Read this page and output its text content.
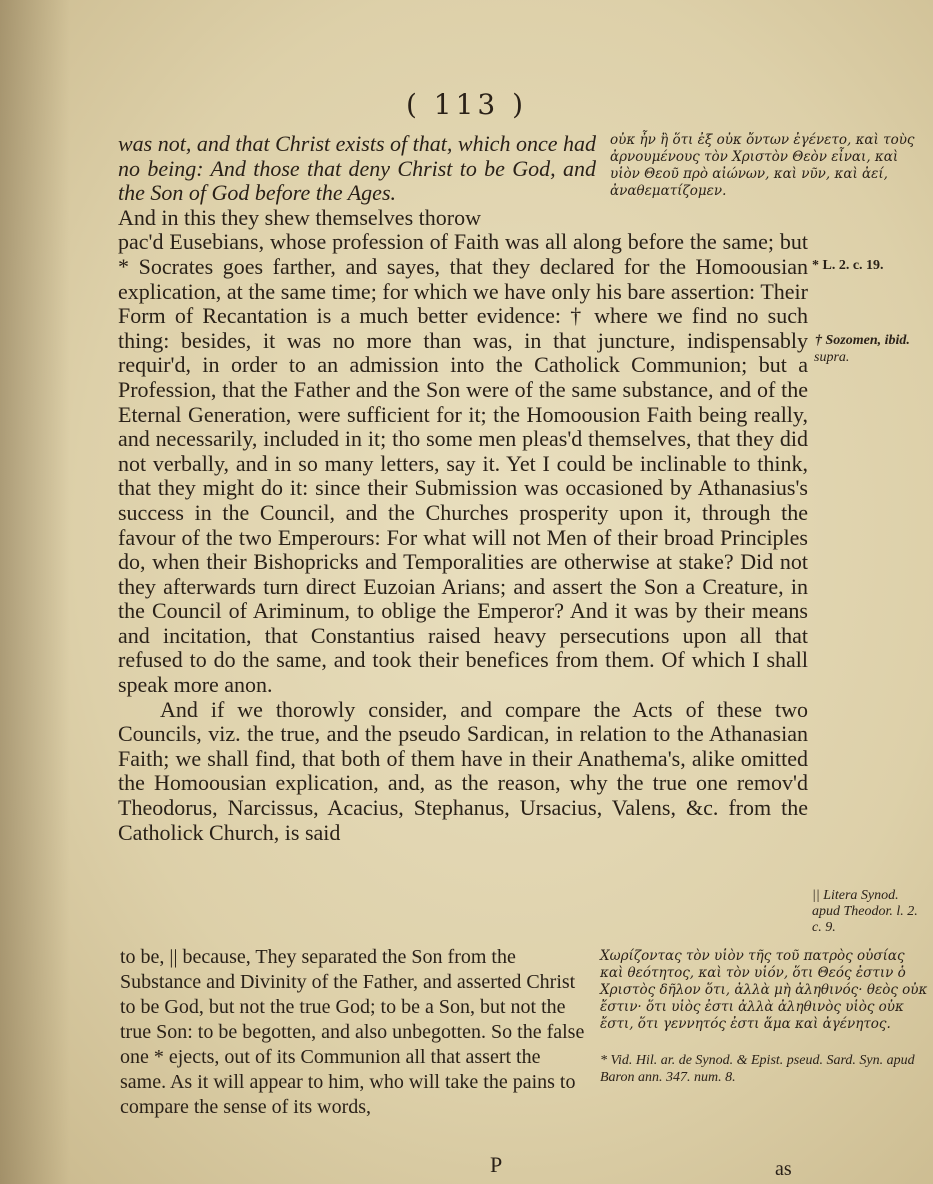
( 113 )

was not, and that Christ exists of that, which once had no being: And those that deny Christ to be God, and the Son of God before the Ages.

And in this they shew themselves thorow

pac'd Eusebians, whose profession of Faith was all along before the same; but * Socrates goes farther, and sayes, that they declared for the Homoousian explication, at the same time; for which we have only his bare assertion: Their Form of Recantation is a much better evidence: † where we find no such thing: besides, it was no more than was, in that juncture, indispensably requir'd, in order to an admission into the Catholick Communion; but a Profession, that the Father and the Son were of the same substance, and of the Eternal Generation, were sufficient for it; the Homoousion Faith being really, and necessarily, included in it; tho some men pleas'd themselves, that they did not verbally, and in so many letters, say it. Yet I could be inclinable to think, that they might do it: since their Submission was occasioned by Athanasius's success in the Council, and the Churches prosperity upon it, through the favour of the two Emperours: For what will not Men of their broad Principles do, when their Bishopricks and Temporalities are otherwise at stake? Did not they afterwards turn direct Euzoian Arians; and assert the Son a Creature, in the Council of Ariminum, to oblige the Emperor? And it was by their means and incitation, that Constantius raised heavy persecutions upon all that refused to do the same, and took their benefices from them. Of which I shall speak more anon.

And if we thorowly consider, and compare the Acts of these two Councils, viz. the true, and the pseudo Sardican, in relation to the Athanasian Faith; we shall find, that both of them have in their Anathema's, alike omitted the Homoousian explication, and, as the reason, why the true one remov'd Theodorus, Narcissus, Acacius, Stephanus, Ursacius, Valens, &c. from the Catholick Church, is said

οὐκ ἦν ἢ ὅτι ἐξ οὐκ ὄντων ἐγένετο, καὶ τοὺς ἀρνουμένους τὸν Χριστὸν Θεὸν εἶναι, καὶ υἱὸν Θεοῦ πρὸ αἰώνων, καὶ νῦν, καὶ ἀεί, ἀναθεματίζομεν.
* L. 2. c. 19.
† Sozomen, ibid.
supra.
|| Litera Synod. apud Theodor. l. 2. c. 9.

to be, || because, They separated the Son from the Substance and Divinity of the Father, and asserted Christ to be God, but not the true God; to be a Son, but not the true Son: to be begotten, and also unbegotten. So the false one * ejects, out of its Communion all that assert the same. As it will appear to him, who will take the pains to compare the sense of its words,

Χωρίζοντας τὸν υἱὸν τῆς τοῦ πατρὸς οὐσίας καὶ θεότητος, καὶ τὸν υἱόν, ὅτι Θεός ἐστιν ὁ Χριστὸς δῆλον ὅτι, ἀλλὰ μὴ ἀληθινός· θεὸς οὐκ ἔστιν· ὅτι υἱὸς ἐστι ἀλλὰ ἀληθινὸς υἱὸς οὐκ ἔστι, ὅτι γεννητός ἐστι ἅμα καὶ ἀγένητος.
* Vid. Hil. ar. de Synod. & Epist. pseud. Sard. Syn. apud Baron ann. 347. num. 8.
P	as
